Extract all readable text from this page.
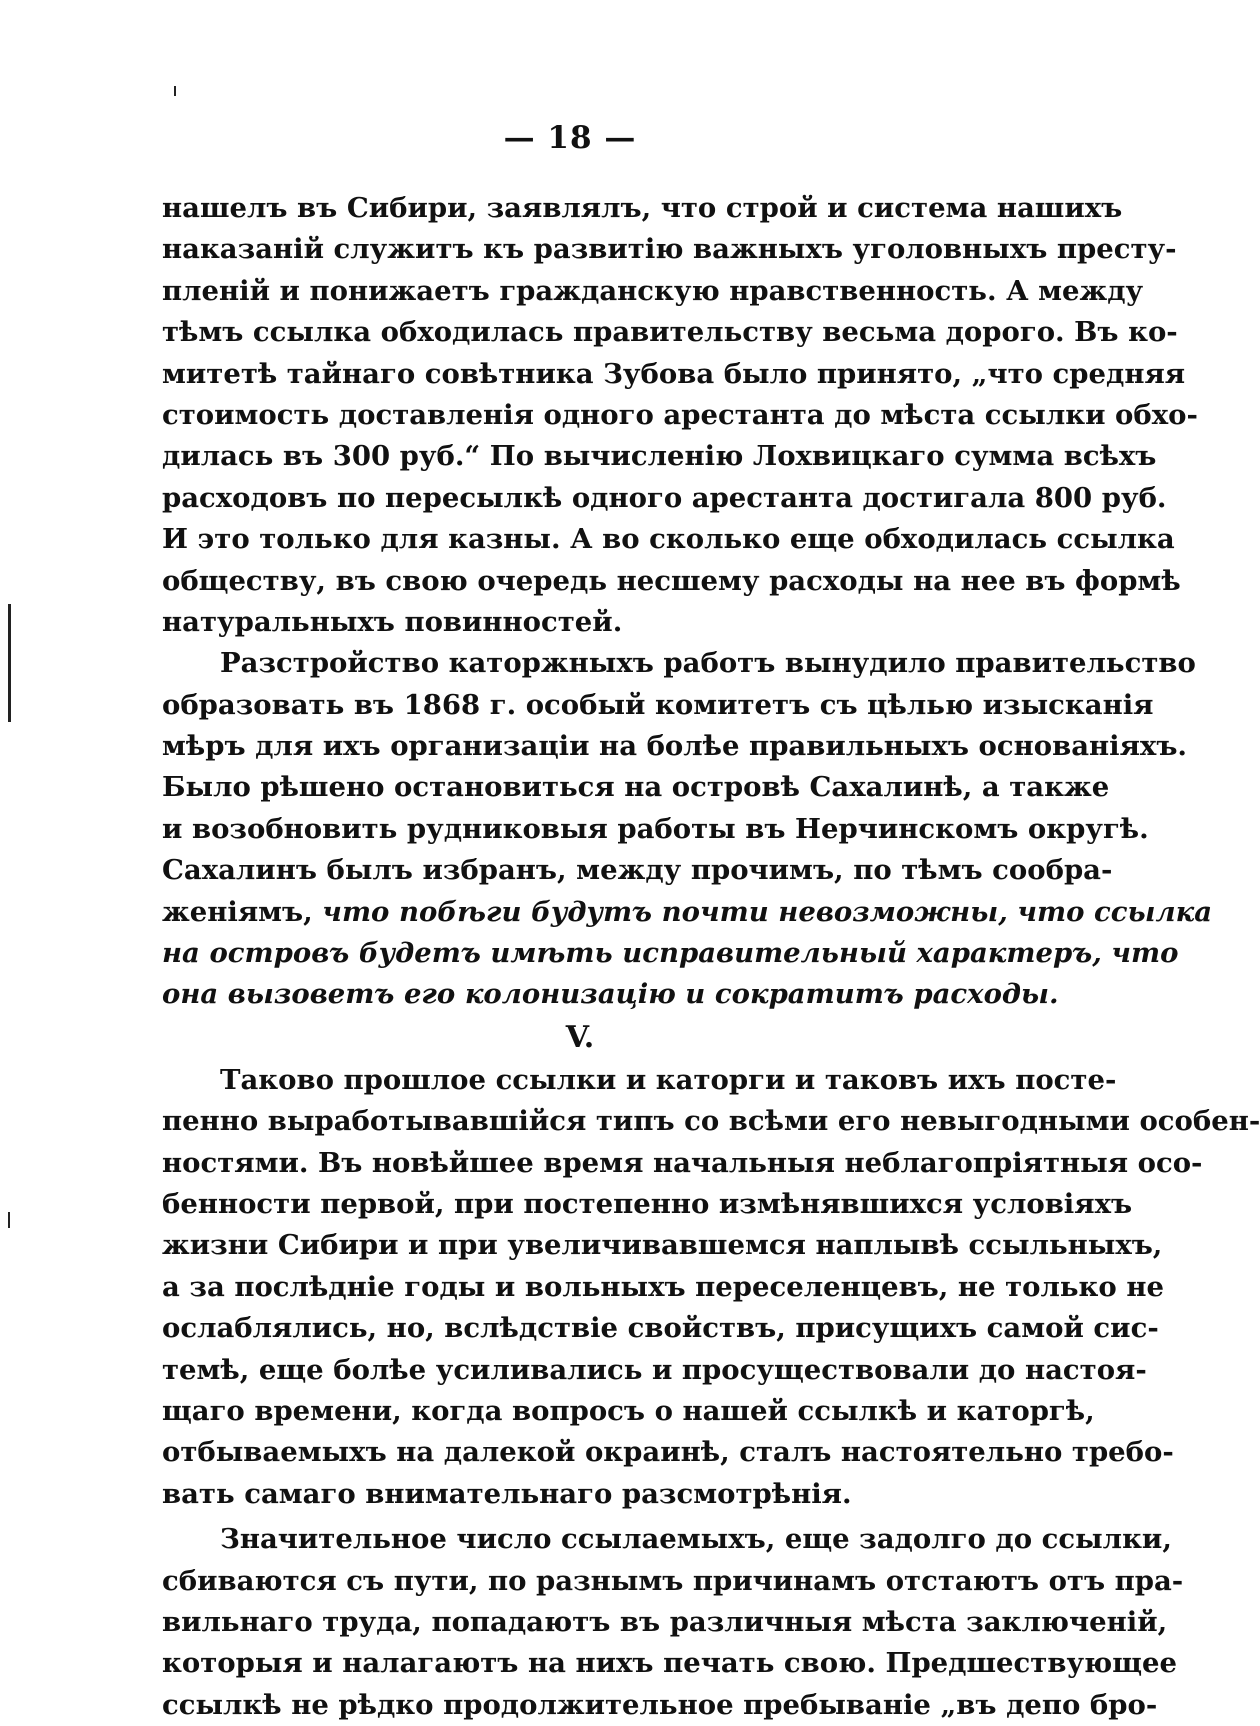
— 18 —
нашелъ въ Сибири, заявлялъ, что строй и система нашихъ
наказаній служитъ къ развитію важныхъ уголовныхъ престу-
пленій и понижаетъ гражданскую нравственность. А между
тѣмъ ссылка обходилась правительству весьма дорого. Въ ко-
митетѣ тайнаго совѣтника Зубова было принято, „что средняя
стоимость доставленія одного арестанта до мѣста ссылки обхо-
дилась въ 300 руб.“ По вычисленію Лохвицкаго сумма всѣхъ
расходовъ по пересылкѣ одного арестанта достигала 800 руб.
И это только для казны. А во сколько еще обходилась ссылка
обществу, въ свою очередь несшему расходы на нее въ формѣ
натуральныхъ повинностей.
Разстройство каторжныхъ работъ вынудило правительство
образовать въ 1868 г. особый комитетъ съ цѣлью изысканія
мѣръ для ихъ организаціи на болѣе правильныхъ основаніяхъ.
Было рѣшено остановиться на островѣ Сахалинѣ, а также
и возобновить рудниковыя работы въ Нерчинскомъ округѣ.
Сахалинъ былъ избранъ, между прочимъ, по тѣмъ сообра-
женіямъ, что побѣги будутъ почти невозможны, что ссылка
на островъ будетъ имѣть исправительный характеръ, что
она вызоветъ его колонизацію и сократитъ расходы.
V.
Таково прошлое ссылки и каторги и таковъ ихъ посте-
пенно выработывавшійся типъ со всѣми его невыгодными особен-
ностями. Въ новѣйшее время начальныя неблагопріятныя осо-
бенности первой, при постепенно измѣнявшихся условіяхъ
жизни Сибири и при увеличивавшемся наплывѣ ссыльныхъ,
а за послѣдніе годы и вольныхъ переселенцевъ, не только не
ослаблялись, но, вслѣдствіе свойствъ, присущихъ самой сис-
темѣ, еще болѣе усиливались и просуществовали до настоя-
щаго времени, когда вопросъ о нашей ссылкѣ и каторгѣ,
отбываемыхъ на далекой окраинѣ, сталъ настоятельно требо-
вать самаго внимательнаго разсмотрѣнія.
Значительное число ссылаемыхъ, еще задолго до ссылки,
сбиваются съ пути, по разнымъ причинамъ отстаютъ отъ пра-
вильнаго труда, попадаютъ въ различныя мѣста заключеній,
которыя и налагаютъ на нихъ печать свою. Предшествующее
ссылкѣ не рѣдко продолжительное пребываніе „въ депо бро-
